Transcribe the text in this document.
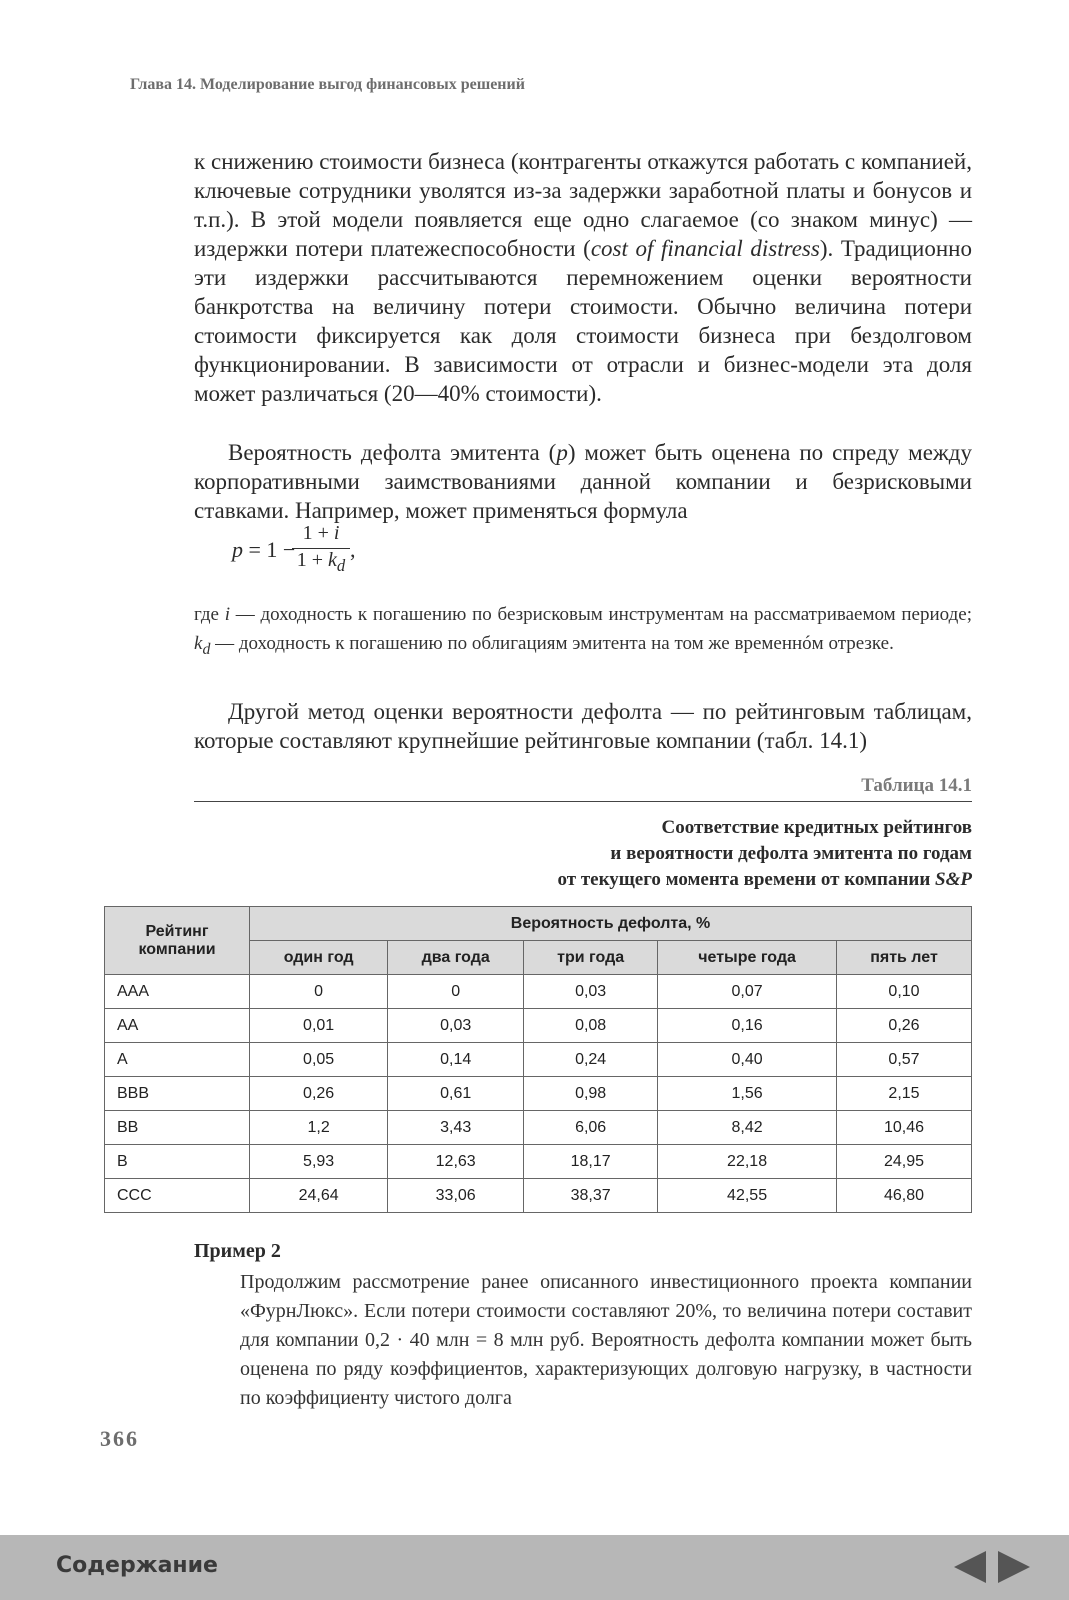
Глава 14. Моделирование выгод финансовых решений
к снижению стоимости бизнеса (контрагенты откажутся работать с компанией, ключевые сотрудники уволятся из-за задержки заработной платы и бонусов и т.п.). В этой модели появляется еще одно слагаемое (со знаком минус) — издержки потери платежеспособности (cost of financial distress). Традиционно эти издержки рассчитываются перемножением оценки вероятности банкротства на величину потери стоимости. Обычно величина потери стоимости фиксируется как доля стоимости бизнеса при бездолговом функционировании. В зависимости от отрасли и бизнес-модели эта доля может различаться (20—40% стоимости).
Вероятность дефолта эмитента (p) может быть оценена по спреду между корпоративными заимствованиями данной компании и безрисковыми ставками. Например, может применяться формула
p = 1 −
1 + i
$1 + k_d$
,
где i — доходность к погашению по безрисковым инструментам на рассматриваемом периоде; $k_d$ — доходность к погашению по облигациям эмитента на том же временнóм отрезке.
Другой метод оценки вероятности дефолта — по рейтинговым таблицам, которые составляют крупнейшие рейтинговые компании (табл. 14.1)
Таблица 14.1
Соответствие кредитных рейтингов
и вероятности дефолта эмитента по годам
от текущего момента времени от компании S&P
Рейтинг компании	Вероятность дефолта, %				
	один год	два года	три года	четыре года	пять лет
AAA	0	0	0,03	0,07	0,10
AA	0,01	0,03	0,08	0,16	0,26
A	0,05	0,14	0,24	0,40	0,57
BBB	0,26	0,61	0,98	1,56	2,15
BB	1,2	3,43	6,06	8,42	10,46
B	5,93	12,63	18,17	22,18	24,95
CCC	24,64	33,06	38,37	42,55	46,80
Пример 2
Продолжим рассмотрение ранее описанного инвестиционного проекта компании «ФурнЛюкс». Если потери стоимости составляют 20%, то величина потери составит для компании 0,2 · 40 млн = 8 млн руб. Вероятность дефолта компании может быть оценена по ряду коэффициентов, характеризующих долговую нагрузку, в частности по коэффициенту чистого долга
366
Содержание
